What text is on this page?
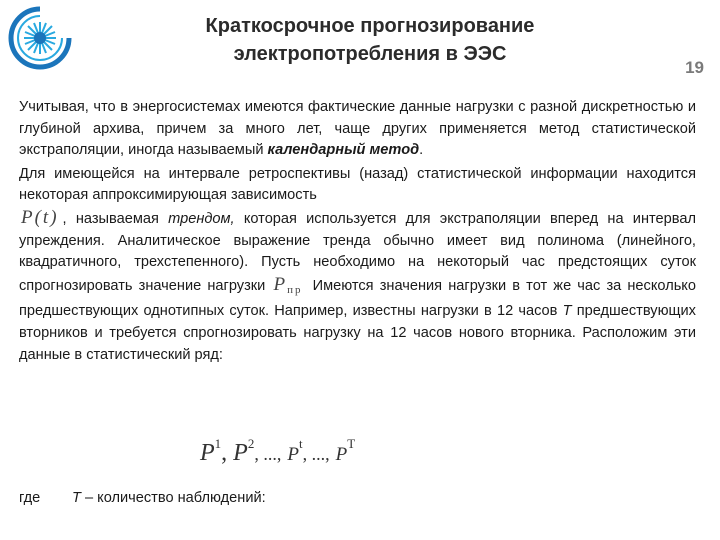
Краткосрочное прогнозирование
электропотребления в ЭЭС
19

Учитывая, что в энергосистемах имеются фактические данные нагрузки с разной дискретностью и глубиной архива, причем за много лет, чаще других применяется метод статистической экстраполяции, иногда называемый календарный метод.

Для имеющейся на интервале ретроспективы (назад) статистической информации находится некоторая аппроксимирующая зависимость
P(t) , называемая трендом, которая используется для экстраполяции вперед на интервал упреждения. Аналитическое выражение тренда обычно имеет вид полинома (линейного, квадратичного, трехстепенного). Пусть необходимо на некоторый час предстоящих суток спрогнозировать значение нагрузки $P_{пр}$ Имеются значения нагрузки в тот же час за несколько предшествующих однотипных суток. Например, известны нагрузки в 12 часов Т предшествующих вторников и требуется спрогнозировать нагрузку на 12 часов нового вторника. Расположим эти данные в статистический ряд:

$P^1$, $P^2$, ..., $P^t$, ..., $P^T$
где Т – количество наблюдений:
